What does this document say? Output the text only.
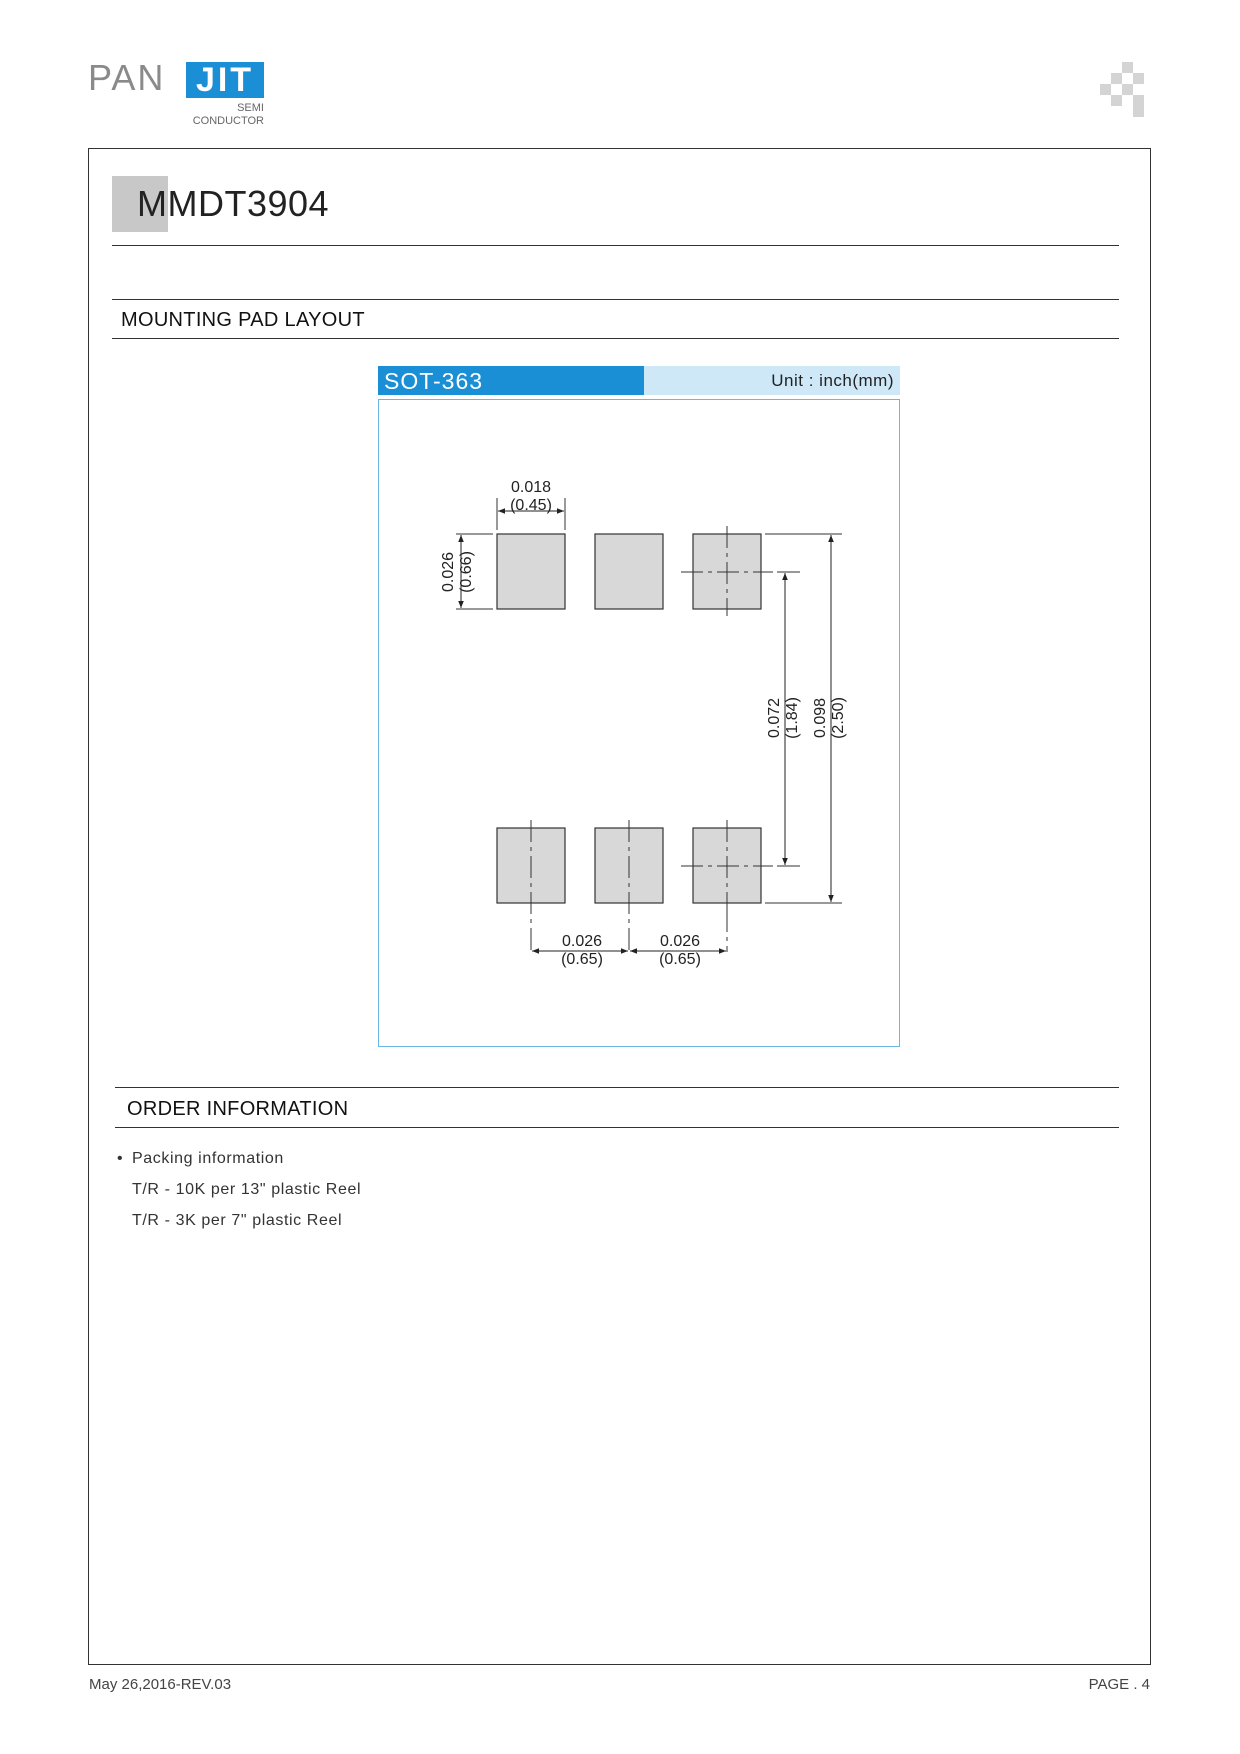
PAN JIT
SEMI
CONDUCTOR
MMDT3904
MOUNTING PAD LAYOUT
SOT-363	Unit : inch(mm)
0.018
(0.45)
0.026
(0.65)
0.026
(0.65)
0.026 (0.66)
0.072 (1.84) 0.098 (2.50)
ORDER INFORMATION
• Packing information
T/R - 10K per 13" plastic Reel
T/R - 3K per 7" plastic Reel
May 26,2016-REV.03	PAGE . 4
